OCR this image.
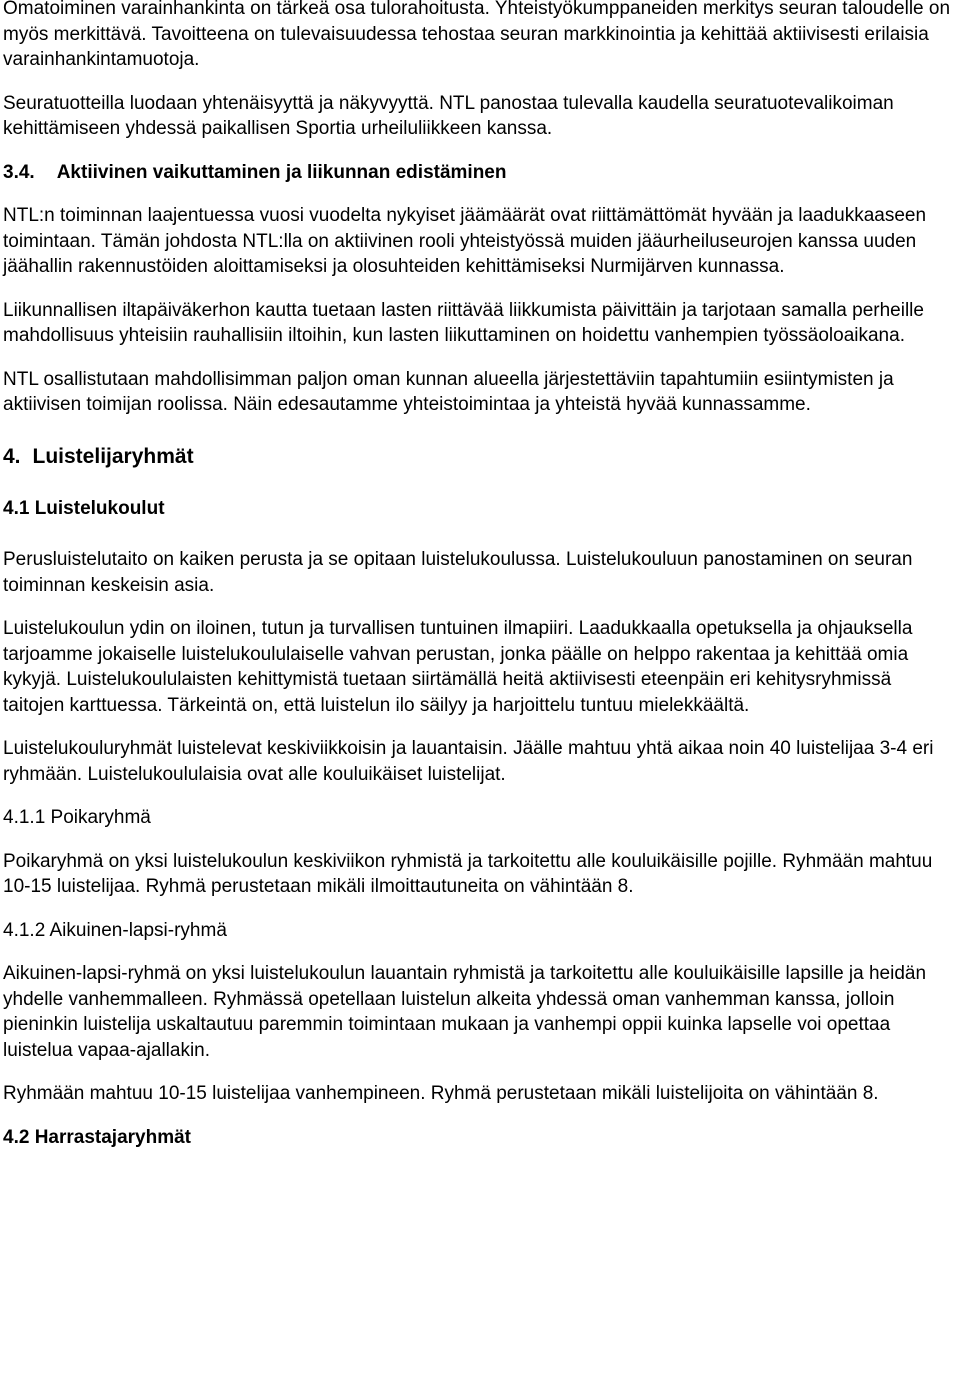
Omatoiminen varainhankinta on tärkeä osa tulorahoitusta. Yhteistyökumppaneiden merkitys seuran taloudelle on myös merkittävä. Tavoitteena on tulevaisuudessa tehostaa seuran markkinointia ja kehittää aktiivisesti erilaisia varainhankintamuotoja.

Seuratuotteilla luodaan yhtenäisyyttä ja näkyvyyttä. NTL panostaa tulevalla kaudella seuratuotevalikoiman kehittämiseen yhdessä paikallisen Sportia urheiluliikkeen kanssa.

3.4. Aktiivinen vaikuttaminen ja liikunnan edistäminen

NTL:n toiminnan laajentuessa vuosi vuodelta nykyiset jäämäärät ovat riittämättömät hyvään ja laadukkaaseen toimintaan. Tämän johdosta NTL:lla on aktiivinen rooli yhteistyössä muiden jääurheiluseurojen kanssa uuden jäähallin rakennustöiden aloittamiseksi ja olosuhteiden kehittämiseksi Nurmijärven kunnassa.

Liikunnallisen iltapäiväkerhon kautta tuetaan lasten riittävää liikkumista päivittäin ja tarjotaan samalla perheille mahdollisuus yhteisiin rauhallisiin iltoihin, kun lasten liikuttaminen on hoidettu vanhempien työssäoloaikana.

NTL osallistutaan mahdollisimman paljon oman kunnan alueella järjestettäviin tapahtumiin esiintymisten ja aktiivisen toimijan roolissa. Näin edesautamme yhteistoimintaa ja yhteistä hyvää kunnassamme.

4. Luistelijaryhmät
4.1 Luistelukoulut

Perusluistelutaito on kaiken perusta ja se opitaan luistelukoulussa. Luistelukouluun panostaminen on seuran toiminnan keskeisin asia.

Luistelukoulun ydin on iloinen, tutun ja turvallisen tuntuinen ilmapiiri. Laadukkaalla opetuksella ja ohjauksella tarjoamme jokaiselle luistelukoululaiselle vahvan perustan, jonka päälle on helppo rakentaa ja kehittää omia kykyjä. Luistelukoululaisten kehittymistä tuetaan siirtämällä heitä aktiivisesti eteenpäin eri kehitysryhmissä taitojen karttuessa. Tärkeintä on, että luistelun ilo säilyy ja harjoittelu tuntuu mielekkäältä.

Luistelukouluryhmät luistelevat keskiviikkoisin ja lauantaisin. Jäälle mahtuu yhtä aikaa noin 40 luistelijaa 3-4 eri ryhmään. Luistelukoululaisia ovat alle kouluikäiset luistelijat.

4.1.1 Poikaryhmä

Poikaryhmä on yksi luistelukoulun keskiviikon ryhmistä ja tarkoitettu alle kouluikäisille pojille. Ryhmään mahtuu 10-15 luistelijaa. Ryhmä perustetaan mikäli ilmoittautuneita on vähintään 8.

4.1.2 Aikuinen-lapsi-ryhmä

Aikuinen-lapsi-ryhmä on yksi luistelukoulun lauantain ryhmistä ja tarkoitettu alle kouluikäisille lapsille ja heidän yhdelle vanhemmalleen. Ryhmässä opetellaan luistelun alkeita yhdessä oman vanhemman kanssa, jolloin pieninkin luistelija uskaltautuu paremmin toimintaan mukaan ja vanhempi oppii kuinka lapselle voi opettaa luistelua vapaa-ajallakin.

Ryhmään mahtuu 10-15 luistelijaa vanhempineen. Ryhmä perustetaan mikäli luistelijoita on vähintään 8.

4.2 Harrastajaryhmät
